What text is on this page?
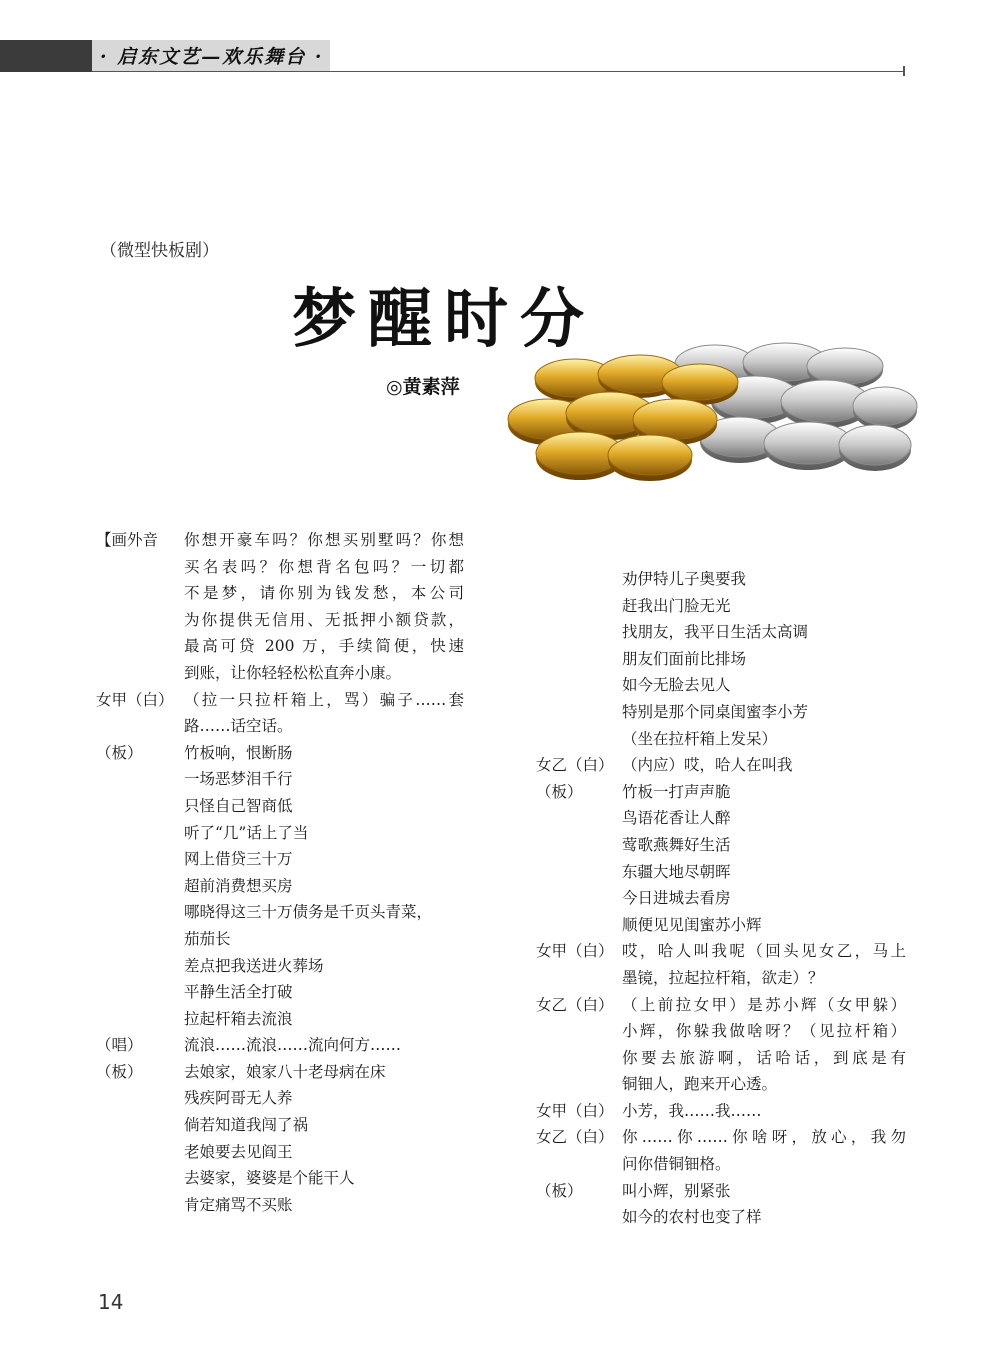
· 启东文艺—欢乐舞台 ·
（微型快板剧）
梦醒时分
◎黄素萍
【画外音 你想开豪车吗？你想买别墅吗？你想
买名表吗？你想背名包吗？一切都
不是梦，请你别为钱发愁，本公司
为你提供无信用、无抵押小额贷款，
最高可贷 200 万，手续简便，快速
到账，让你轻轻松松直奔小康。
女甲（白） （拉一只拉杆箱上，骂）骗子……套
路……话空话。
（板）	竹板响，恨断肠
一场恶梦泪千行
只怪自己智商低
听了“几”话上了当
网上借贷三十万
超前消费想买房
哪晓得这三十万债务是千页头青菜，
茄茄长
差点把我送进火葬场
平静生活全打破
拉起杆箱去流浪
（唱）	流浪……流浪……流向何方……
（板）	去娘家，娘家八十老母病在床
残疾阿哥无人养
倘若知道我闯了祸
老娘要去见阎王
去婆家，婆婆是个能干人
肯定痛骂不买账
劝伊特儿子奥要我
赶我出门脸无光
找朋友，我平日生活太高调
朋友们面前比排场
如今无脸去见人
特别是那个同桌闺蜜李小芳
（坐在拉杆箱上发呆）
女乙（白） （内应）哎，哈人在叫我
（板）	竹板一打声声脆
鸟语花香让人醉
莺歌燕舞好生活
东疆大地尽朝晖
今日进城去看房
顺便见见闺蜜苏小辉
女甲（白） 哎，哈人叫我呢（回头见女乙，马上
墨镜，拉起拉杆箱，欲走）？
女乙（白） （上前拉女甲）是苏小辉（女甲躲）
小辉，你躲我做啥呀？（见拉杆箱）
你要去旅游啊，话哈话，到底是有
铜钿人，跑来开心透。
女甲（白） 小芳，我……我……
女乙（白） 你……你……你啥呀，放心，我勿
问你借铜钿格。
（板）	叫小辉，别紧张
如今的农村也变了样
14
